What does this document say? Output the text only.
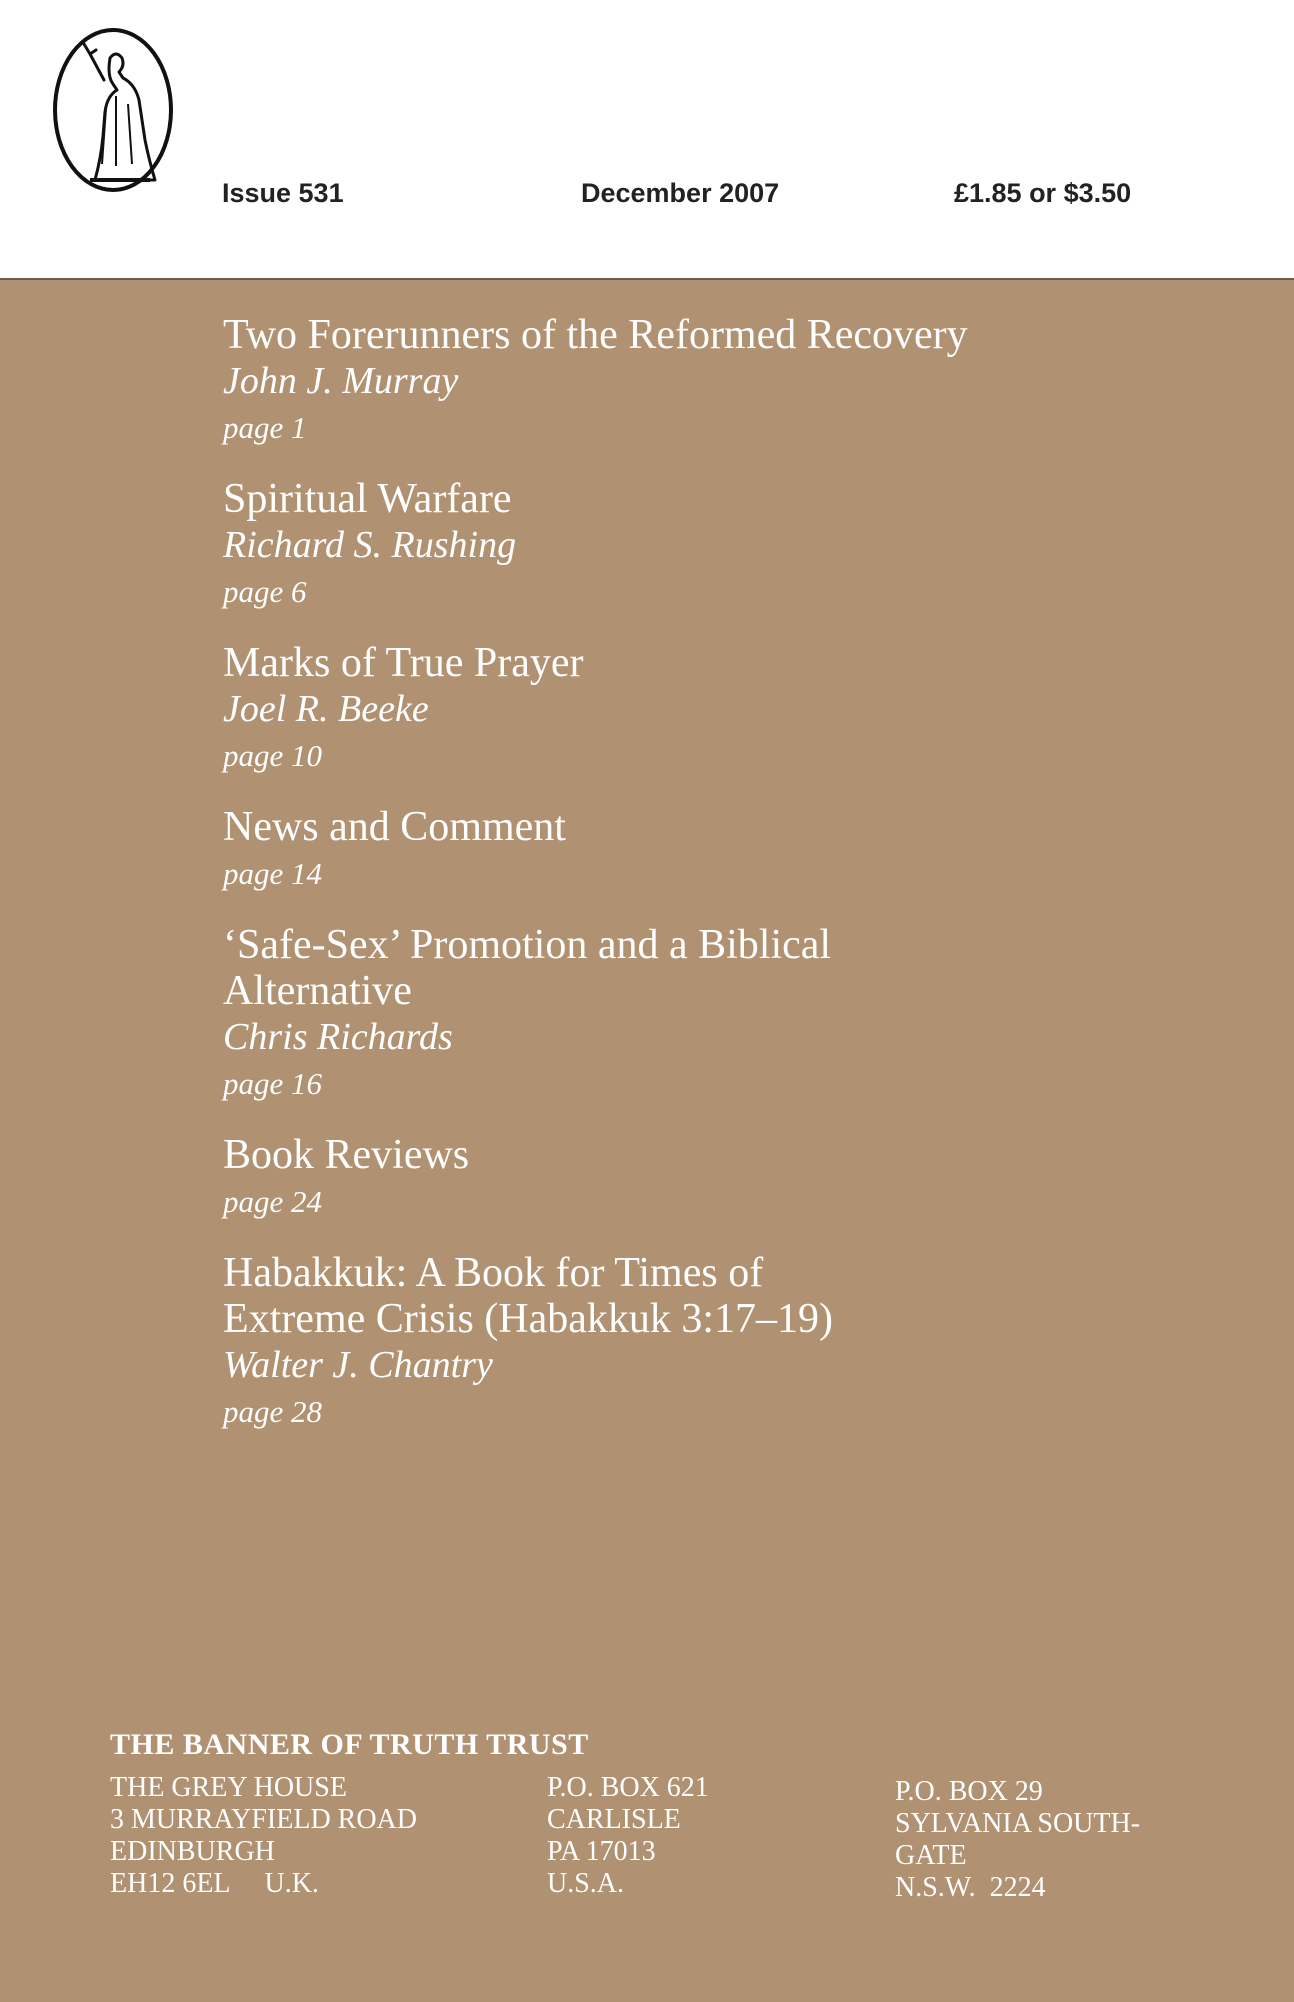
Issue 531	December 2007	£1.85 or $3.50
Two Forerunners of the Reformed Recovery
John J. Murray
page 1
Spiritual Warfare
Richard S. Rushing
page 6
Marks of True Prayer
Joel R. Beeke
page 10
News and Comment
page 14
‘Safe-Sex’ Promotion and a Biblical Alternative
Chris Richards
page 16
Book Reviews
page 24
Habakkuk: A Book for Times of Extreme Crisis (Habakkuk 3:17–19)
Walter J. Chantry
page 28
THE BANNER OF TRUTH TRUST
THE GREY HOUSE
3 MURRAYFIELD ROAD
EDINBURGH
EH12 6EL     U.K.
P.O. BOX 621
CARLISLE
PA 17013
U.S.A.
P.O. BOX 29
SYLVANIA SOUTH-
GATE
N.S.W.  2224
